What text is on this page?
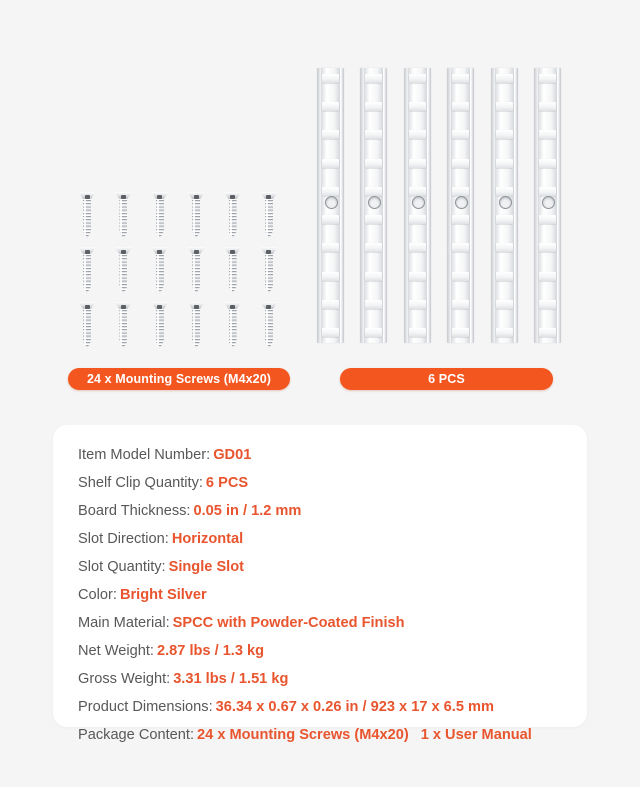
24 x Mounting Screws (M4x20)	6 PCS
Item Model Number: GD01
Shelf Clip Quantity: 6 PCS
Board Thickness: 0.05 in / 1.2 mm
Slot Direction: Horizontal
Slot Quantity: Single Slot
Color: Bright Silver
Main Material: SPCC with Powder-Coated Finish
Net Weight: 2.87 lbs / 1.3 kg
Gross Weight: 3.31 lbs / 1.51 kg
Product Dimensions: 36.34 x 0.67 x 0.26 in / 923 x 17 x 6.5 mm
Package Content: 24 x Mounting Screws (M4x20) 1 x User Manual
